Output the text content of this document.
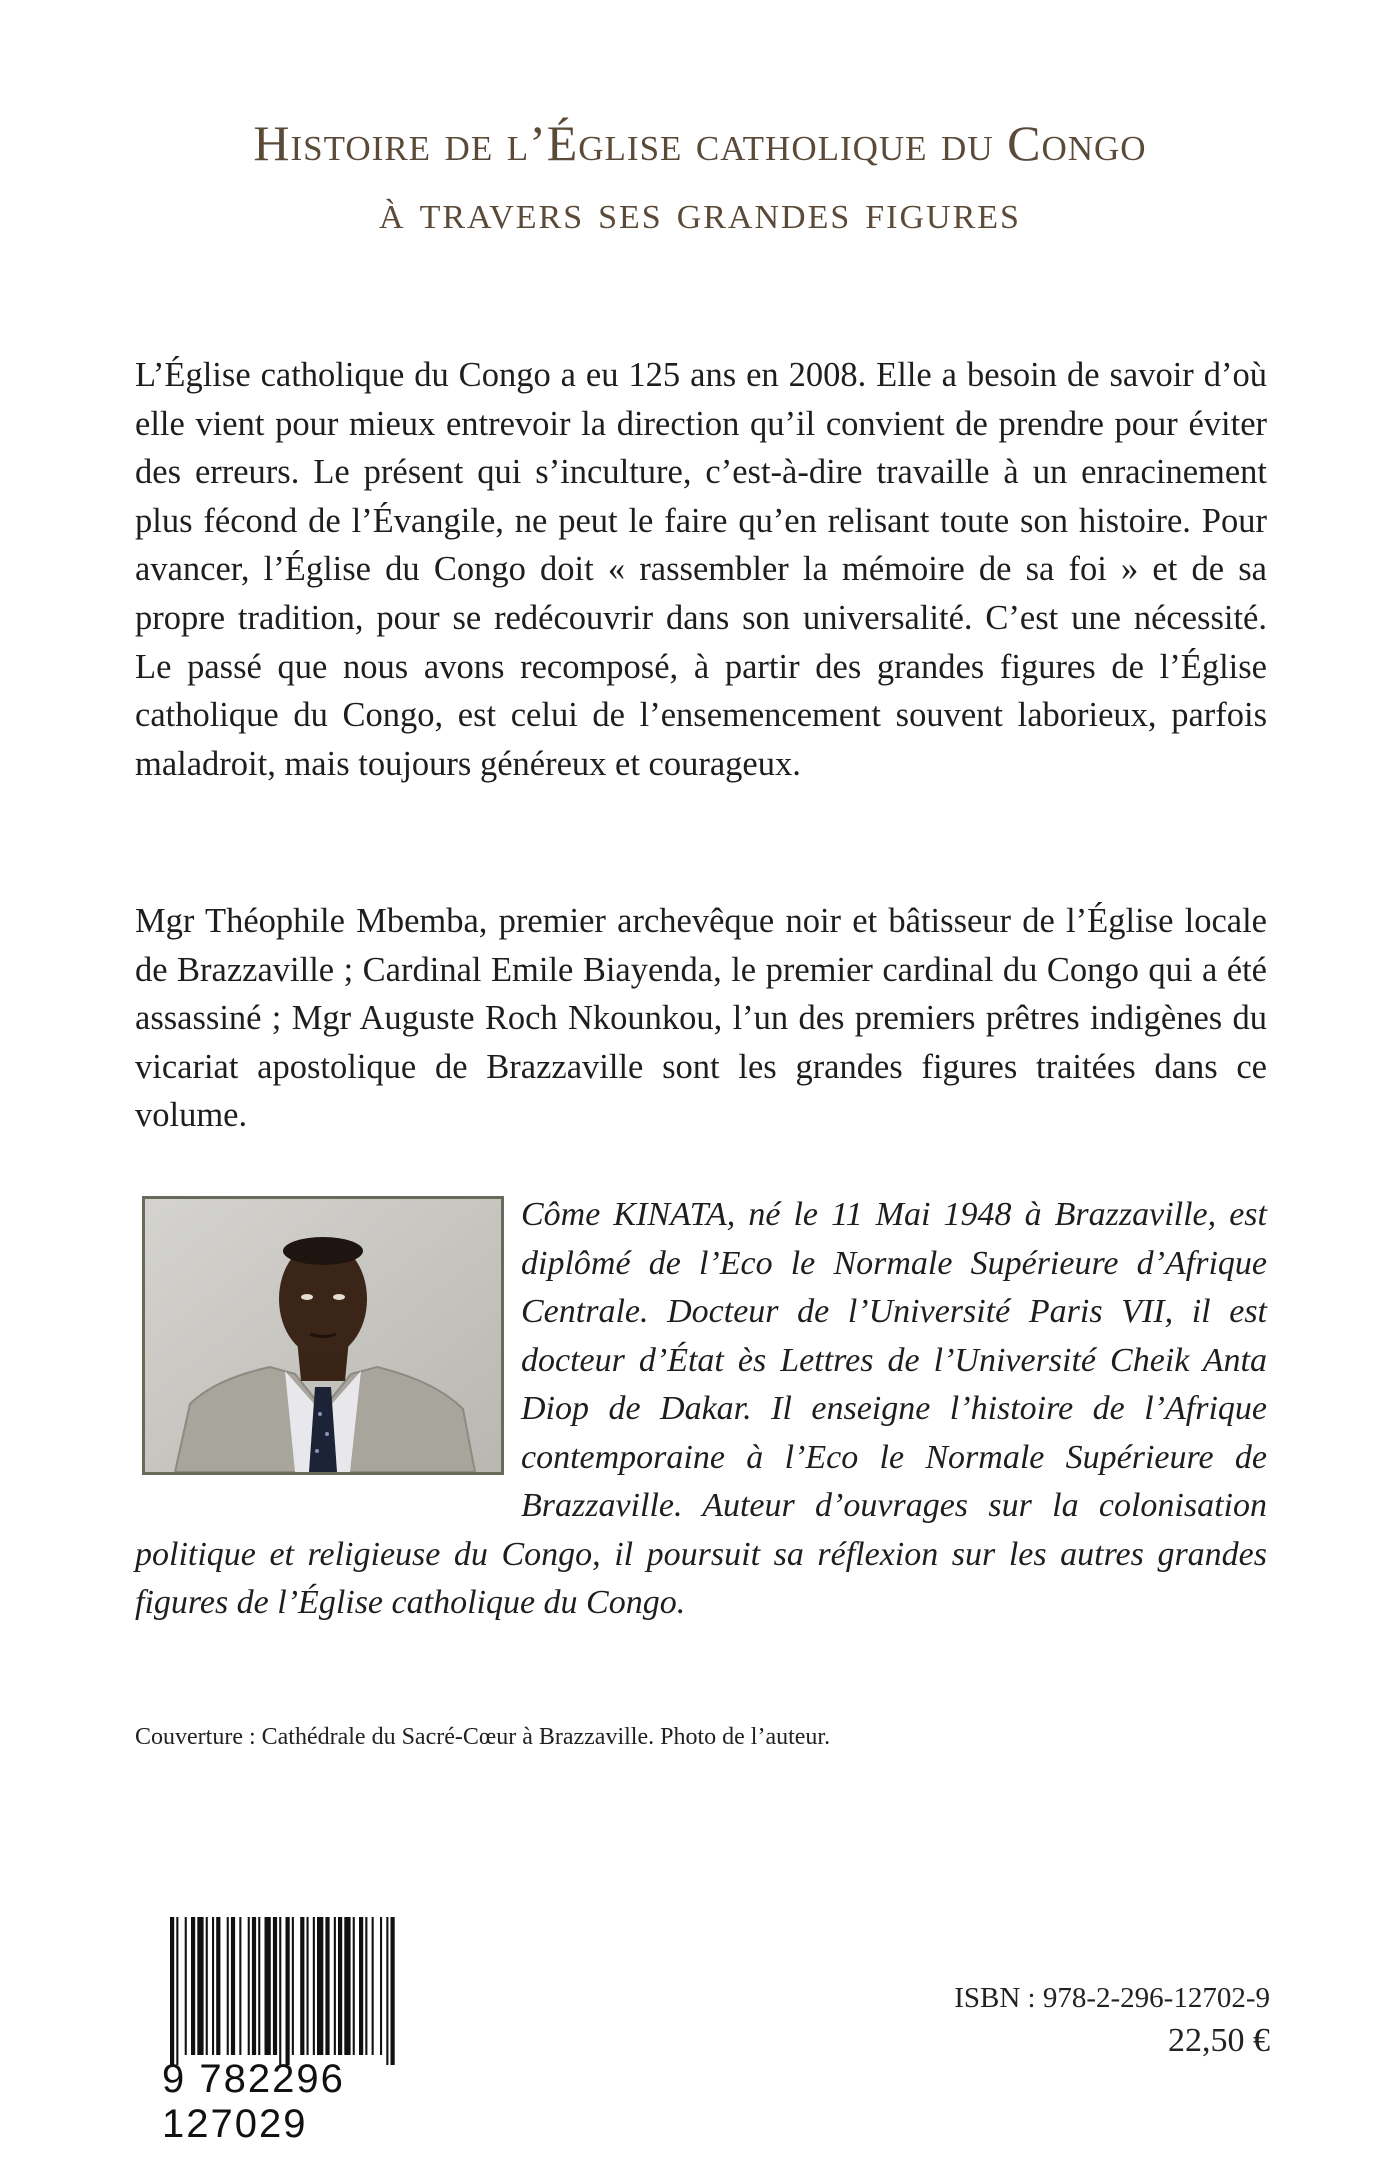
Histoire de l’Église catholique du Congo
à travers ses grandes figures

L’Église catholique du Congo a eu 125 ans en 2008. Elle a besoin de savoir d’où elle vient pour mieux entrevoir la direction qu’il convient de prendre pour éviter des erreurs. Le présent qui s’inculture, c’est-à-dire travaille à un enracinement plus fécond de l’Évangile, ne peut le faire qu’en relisant toute son histoire. Pour avancer, l’Église du Congo doit « rassembler la mémoire de sa foi » et de sa propre tradition, pour se redécouvrir dans son universalité. C’est une nécessité. Le passé que nous avons recomposé, à partir des grandes figures de l’Église catholique du Congo, est celui de l’ensemencement souvent laborieux, parfois maladroit, mais toujours généreux et courageux.

Mgr Théophile Mbemba, premier archevêque noir et bâtisseur de l’Église locale de Brazzaville ; Cardinal Emile Biayenda, le premier cardinal du Congo qui a été assassiné ; Mgr Auguste Roch Nkounkou, l’un des premiers prêtres indigènes du vicariat apostolique de Brazzaville sont les grandes figures traitées dans ce volume.

Côme KINATA, né le 11 Mai 1948 à Brazzaville, est diplômé de l’Eco le Normale Supérieure d’Afrique Centrale. Docteur de l’Université Paris VII, il est docteur d’État ès Lettres de l’Université Cheik Anta Diop de Dakar. Il enseigne l’histoire de l’Afrique contemporaine à l’Eco le Normale Supérieure de Brazzaville. Auteur d’ouvrages sur la colonisation politique et religieuse du Congo, il poursuit sa réflexion sur les autres grandes figures de l’Église catholique du Congo.

Couverture : Cathédrale du Sacré-Cœur à Brazzaville. Photo de l’auteur.

9 782296 127029

ISBN : 978-2-296-12702-9

22,50 €
